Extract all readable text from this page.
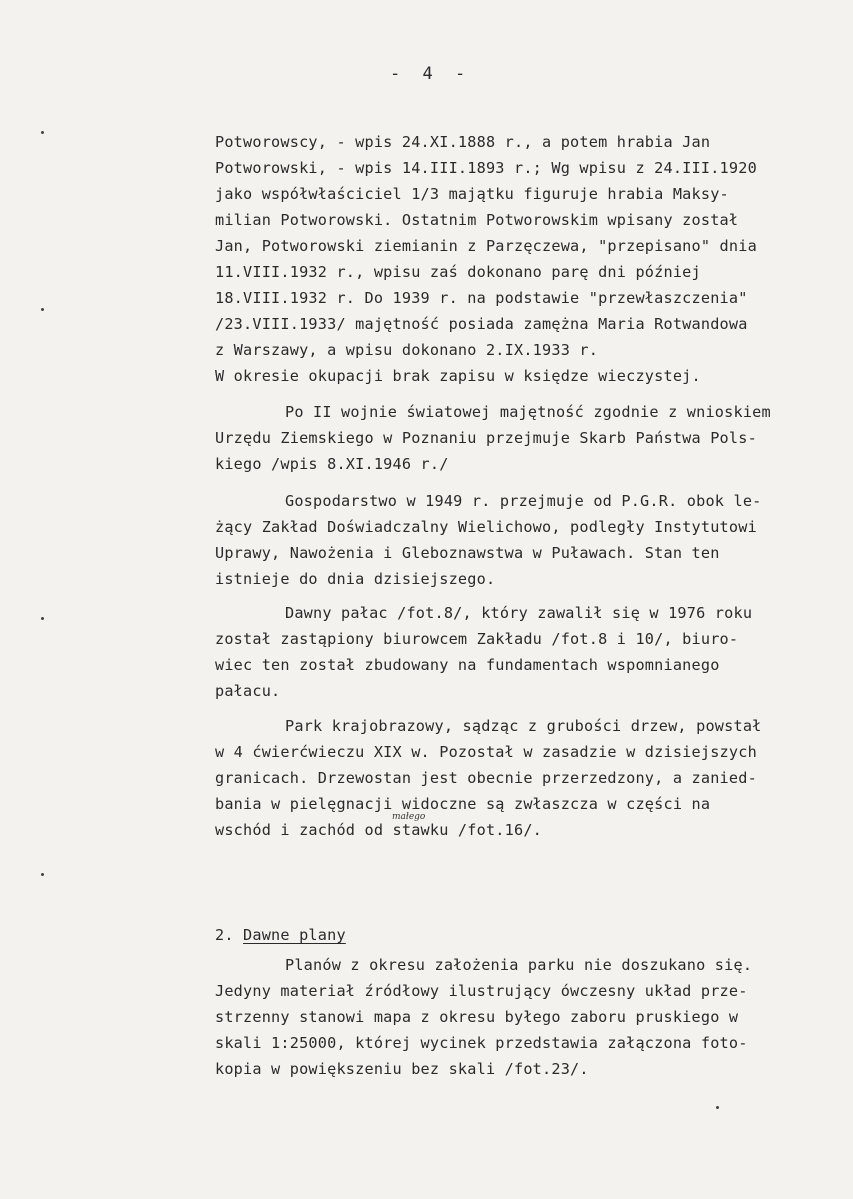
- 4 -
Potworowscy, - wpis 24.XI.1888 r., a potem hrabia Jan
Potworowski, - wpis 14.III.1893 r.; Wg wpisu z 24.III.1920
jako współwłaściciel 1/3 majątku figuruje hrabia Maksy-
milian Potworowski. Ostatnim Potworowskim wpisany został
Jan, Potworowski ziemianin z Parzęczewa, "przepisano" dnia
11.VIII.1932 r., wpisu zaś dokonano parę dni później
18.VIII.1932 r. Do 1939 r. na podstawie "przewłaszczenia"
/23.VIII.1933/ majętność posiada zamężna Maria Rotwandowa
z Warszawy, a wpisu dokonano 2.IX.1933 r.
W okresie okupacji brak zapisu w księdze wieczystej.
Po II wojnie światowej majętność zgodnie z wnioskiem
Urzędu Ziemskiego w Poznaniu przejmuje Skarb Państwa Pols-
kiego /wpis 8.XI.1946 r./
Gospodarstwo w 1949 r. przejmuje od P.G.R. obok le-
żący Zakład Doświadczalny Wielichowo, podległy Instytutowi
Uprawy, Nawożenia i Gleboznawstwa w Puławach. Stan ten
istnieje do dnia dzisiejszego.
Dawny pałac /fot.8/, który zawalił się w 1976 roku
został zastąpiony biurowcem Zakładu /fot.8 i 10/, biuro-
wiec ten został zbudowany na fundamentach wspomnianego
pałacu.
Park krajobrazowy, sądząc z grubości drzew, powstał
w 4 ćwierćwieczu XIX w. Pozostał w zasadzie w dzisiejszych
granicach. Drzewostan jest obecnie przerzedzony, a zanied-
bania w pielęgnacji widoczne są zwłaszcza w części na
małego
wschód i zachód od stawku /fot.16/.
2. Dawne plany
Planów z okresu założenia parku nie doszukano się.
Jedyny materiał źródłowy ilustrujący ówczesny układ prze-
strzenny stanowi mapa z okresu byłego zaboru pruskiego w
skali 1:25000, której wycinek przedstawia załączona foto-
kopia w powiększeniu bez skali /fot.23/.
